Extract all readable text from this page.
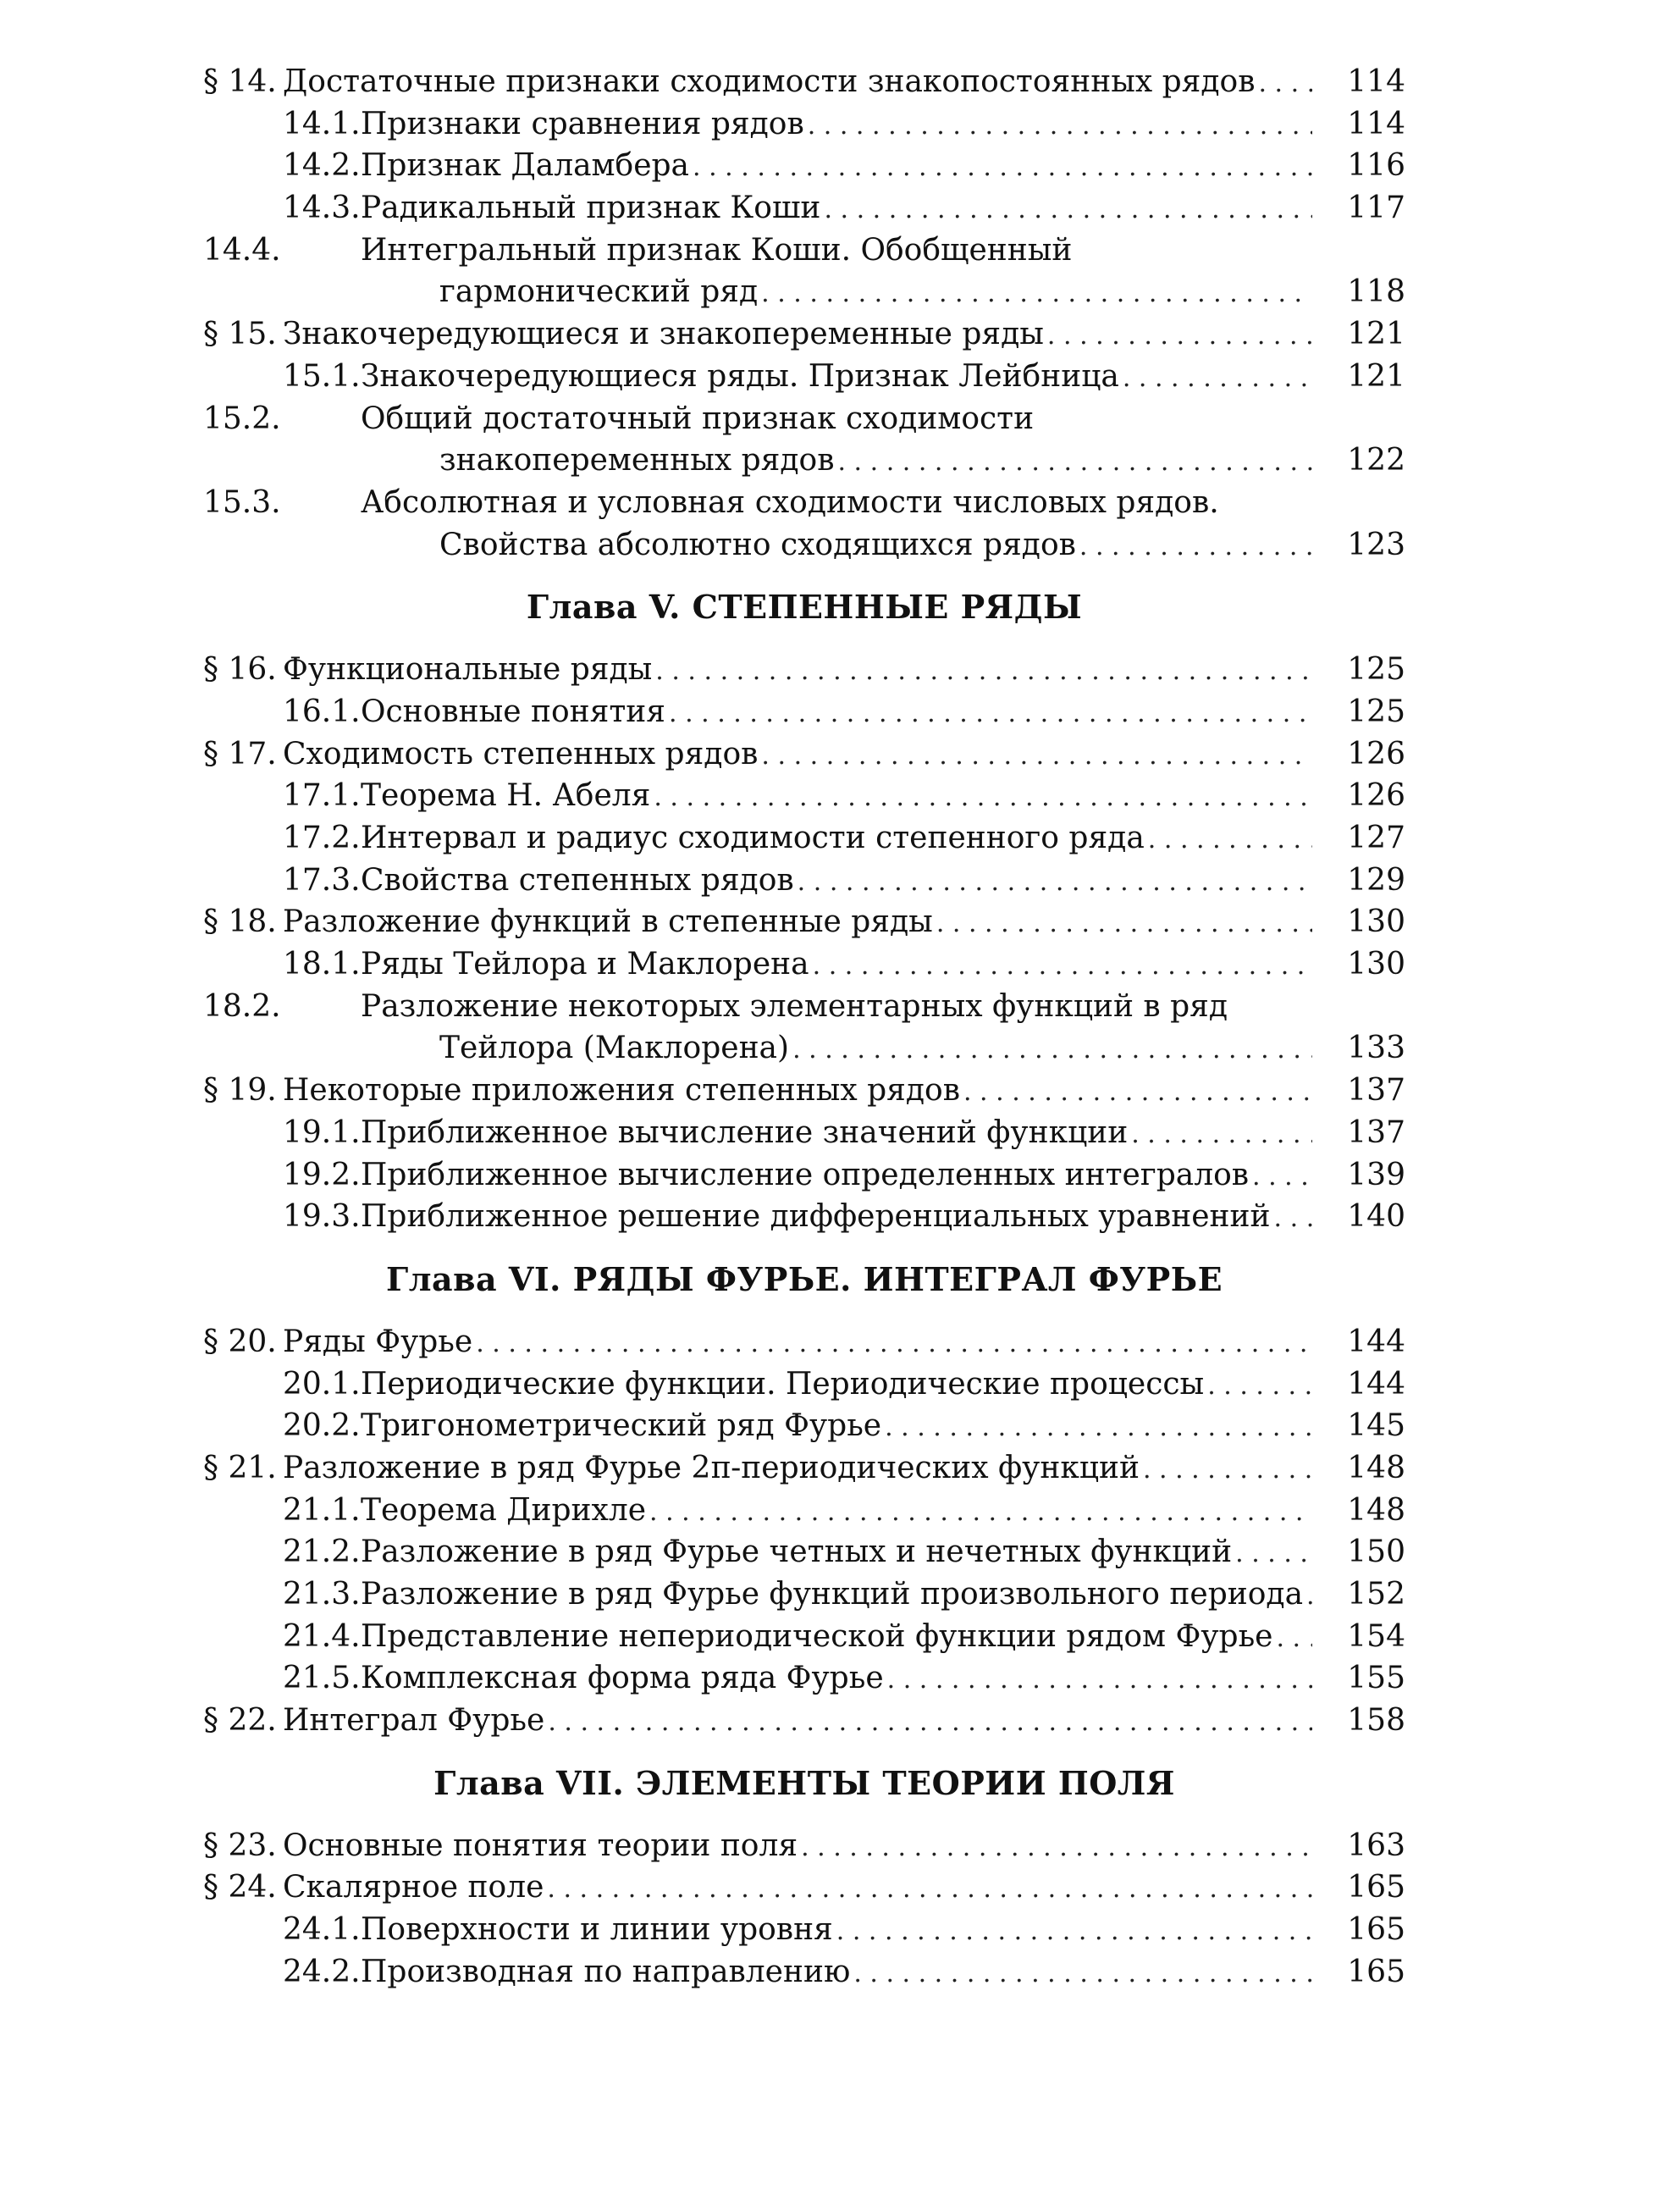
§ 14. Достаточные признаки сходимости знакопостоянных рядов . . .	114
14.1. Признаки сравнения рядов . . .	114
14.2. Признак Даламбера . . .	116
14.3. Радикальный признак Коши . . .	117
14.4.	Интегральный признак Коши. Обобщенный
гармонический ряд . . .	118
§ 15. Знакочередующиеся и знакопеременные ряды . . .	121
15.1. Знакочередующиеся ряды. Признак Лейбница . . .	121
15.2.	Общий достаточный признак сходимости
знакопеременных рядов . . .	122
15.3.	Абсолютная и условная сходимости числовых рядов.
Свойства абсолютно сходящихся рядов . . .	123
Глава V. СТЕПЕННЫЕ РЯДЫ
§ 16. Функциональные ряды . . .	125
16.1. Основные понятия . . .	125
§ 17. Сходимость степенных рядов . . .	126
17.1. Теорема Н. Абеля . . .	126
17.2. Интервал и радиус сходимости степенного ряда . . .	127
17.3. Свойства степенных рядов . . .	129
§ 18. Разложение функций в степенные ряды . . .	130
18.1. Ряды Тейлора и Маклорена . . .	130
18.2.	Разложение некоторых элементарных функций в ряд
Тейлора (Маклорена) . . .	133
§ 19. Некоторые приложения степенных рядов . . .	137
19.1. Приближенное вычисление значений функции . . .	137
19.2. Приближенное вычисление определенных интегралов . . .	139
19.3. Приближенное решение дифференциальных уравнений . . .	140
Глава VI. РЯДЫ ФУРЬЕ. ИНТЕГРАЛ ФУРЬЕ
§ 20. Ряды Фурье . . .	144
20.1. Периодические функции. Периодические процессы . . .	144
20.2. Тригонометрический ряд Фурье . . .	145
§ 21. Разложение в ряд Фурье 2π-периодических функций . . .	148
21.1. Теорема Дирихле . . .	148
21.2. Разложение в ряд Фурье четных и нечетных функций . . .	150
21.3. Разложение в ряд Фурье функций произвольного периода . . .	152
21.4. Представление непериодической функции рядом Фурье . . .	154
21.5. Комплексная форма ряда Фурье . . .	155
§ 22. Интеграл Фурье . . .	158
Глава VII. ЭЛЕМЕНТЫ ТЕОРИИ ПОЛЯ
§ 23. Основные понятия теории поля . . .	163
§ 24. Скалярное поле . . .	165
24.1. Поверхности и линии уровня . . .	165
24.2. Производная по направлению . . .	165
